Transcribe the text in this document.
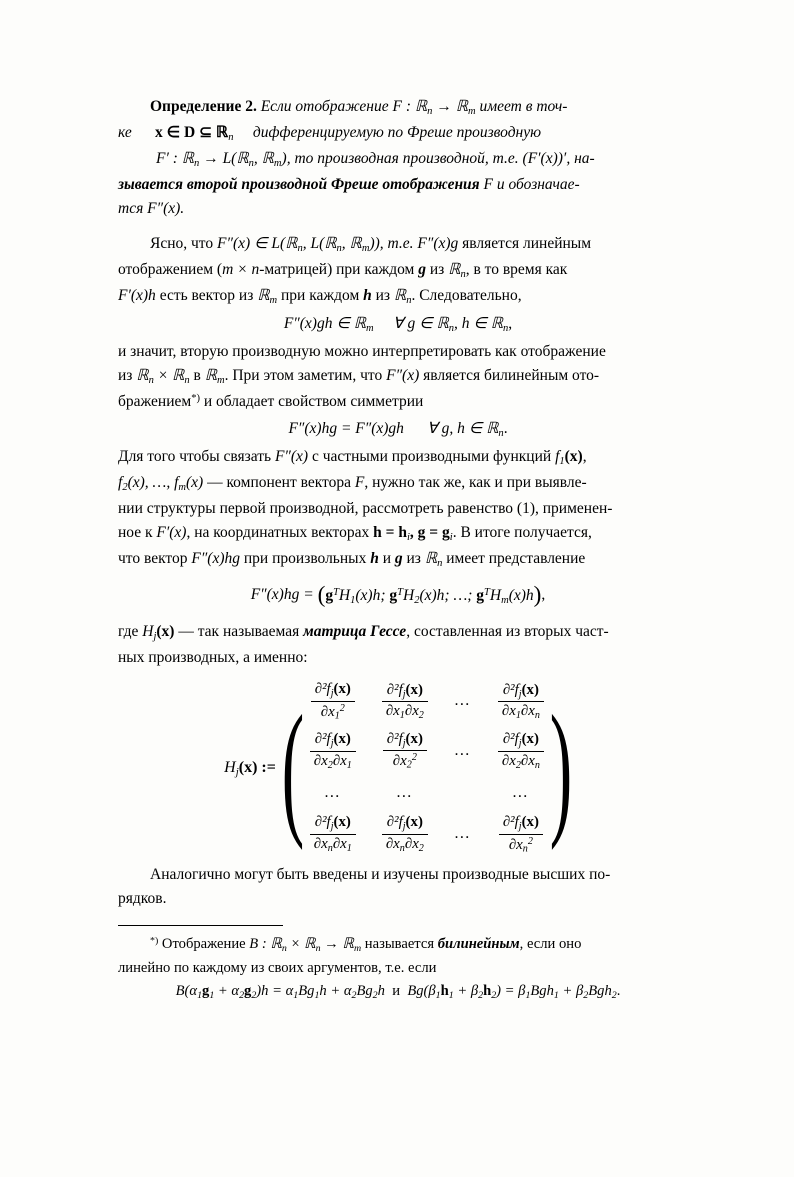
Определение 2. Если отображение F : ℝ$_n$ → ℝ$_m$ имеет в точ-

ке x ∈ D ⊆ ℝ$_n$ дифференцируемую по Фреше производную

F′ : ℝ$_n$ → L(ℝ$_n$, ℝ$_m$), то производная производной, т.е. (F′(x))′, на-

зывается второй производной Фреше отображения F и обозначае-

тся F″(x).

Ясно, что F″(x) ∈ L(ℝ$_n$, L(ℝ$_n$, ℝ$_m$)), т.е. F″(x)g является линейным

отображением (m × n-матрицей) при каждом g из ℝ$_n$, в то время как

F′(x)h есть вектор из ℝ$_m$ при каждом h из ℝ$_n$. Следовательно,

F″(x)gh ∈ ℝ$_m$ ∀ g ∈ ℝ$_n$, h ∈ ℝ$_n$,

и значит, вторую производную можно интерпретировать как отображение

из ℝ$_n$ × ℝ$_n$ в ℝ$_m$. При этом заметим, что F″(x) является билинейным ото-

бражением*) и обладает свойством симметрии

F″(x)hg = F″(x)gh ∀ g, h ∈ ℝ$_n$.

Для того чтобы связать F″(x) с частными производными функций $f_1(x)$,

$f_2(x)$, …, $f_m(x)$ — компонент вектора F, нужно так же, как и при выявле-

нии структуры первой производной, рассмотреть равенство (1), применен-

ное к F′(x), на координатных векторах $h = h_i$, $g = g_i$. В итоге получается,

что вектор F″(x)hg при произвольных h и g из ℝ$_n$ имеет представление

$F''(x)hg = (g^TH_1(x)h$; $g^TH_2(x)h$; …; $g^TH_m(x)h$),

где $H_j(x)$ — так называемая матрица Гессе, составленная из вторых част-

ных производных, а именно:

$H_j(x)$ := ( $\frac{\partial^2f_j(x)}{\partial x_1^2} \frac{\partial^2f_j(x)}{\partial x_1\partial x_2}$ … $\frac{\partial^2f_j(x)}{\partial x_1\partial x_n}$
$\frac{\partial^2f_j(x)}{\partial x_2\partial x_1} \frac{\partial^2f_j(x)}{\partial x_2^2}$ … $\frac{\partial^2f_j(x)}{\partial x_2\partial x_n}$
…	…	…
$\frac{\partial^2f_j(x)}{\partial x_n\partial x_1} \frac{\partial^2f_j(x)}{\partial x_n\partial x_2}$ … $\frac{\partial^2f_j(x)}{\partial x_n^2}$ )

Аналогично могут быть введены и изучены производные высших по-

рядков.

*) Отображение B : ℝ$_n$ × ℝ$_n$ → ℝ$_m$ называется билинейным, если оно

линейно по каждому из своих аргументов, т.е. если

$B(\alpha_1g_1 + \alpha_2g_2)h = \alpha_1Bg_1h + \alpha_2Bg_2h$ и $Bg(\beta_1h_1 + \beta_2h_2) = \beta_1Bgh_1 + \beta_2Bgh_2$.
